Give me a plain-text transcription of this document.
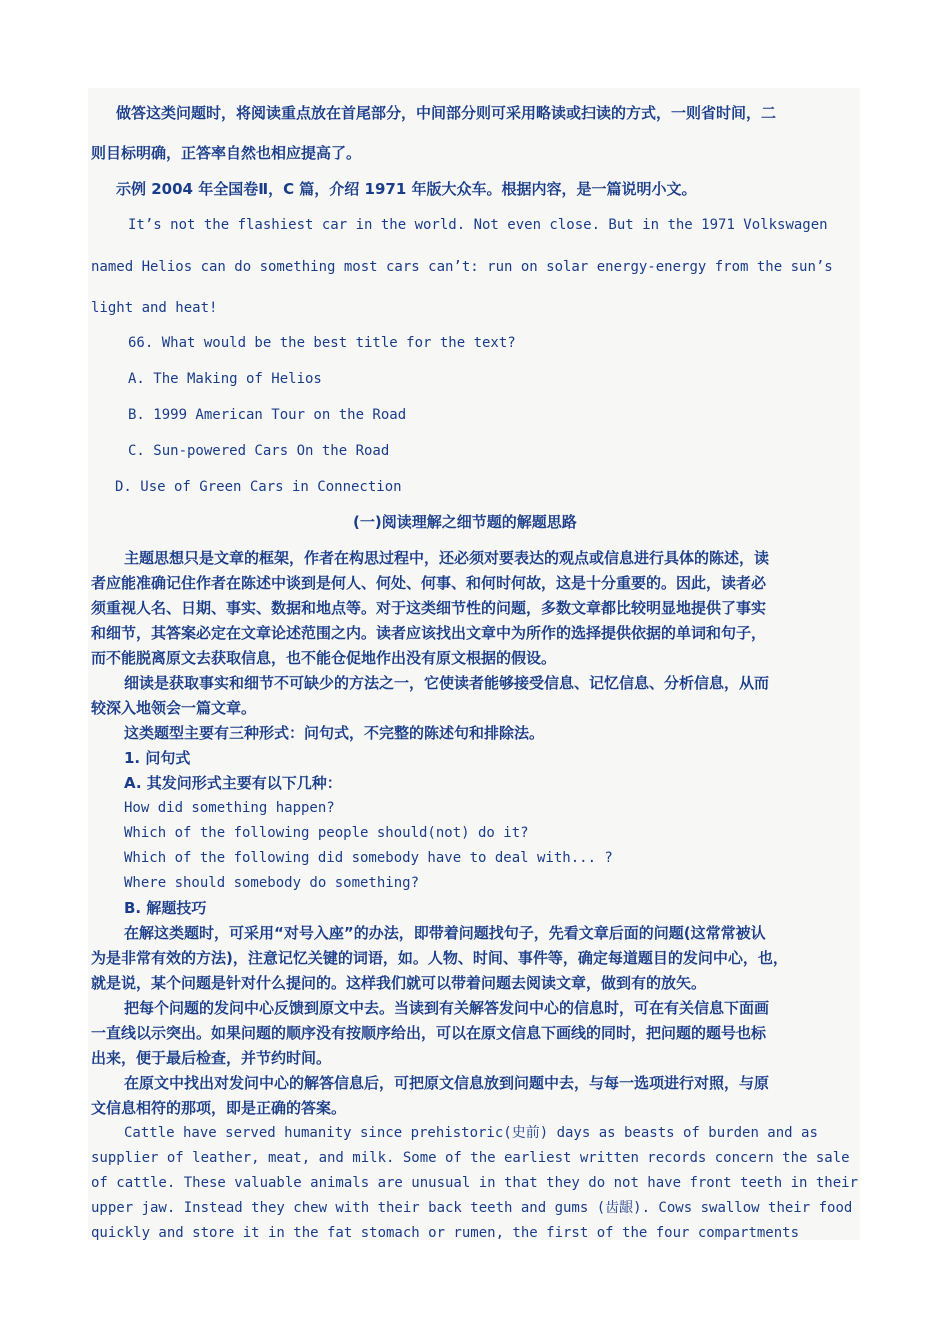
做答这类问题时，将阅读重点放在首尾部分，中间部分则可采用略读或扫读的方式，一则省时间，二
则目标明确，正答率自然也相应提高了。
示例 2004 年全国卷Ⅱ，C 篇，介绍 1971 年版大众车。根据内容，是一篇说明小文。
It’s not the flashiest car in the world. Not even close. But in the 1971 Volkswagen
named Helios can do something most cars can’t: run on solar energy-energy from the sun’s
light and heat!
66. What would be the best title for the text?
A. The Making of Helios
B. 1999 American Tour on the Road
C. Sun-powered Cars On the Road
D. Use of Green Cars in Connection
(一)阅读理解之细节题的解题思路
主题思想只是文章的框架，作者在构思过程中，还必须对要表达的观点或信息进行具体的陈述，读
者应能准确记住作者在陈述中谈到是何人、何处、何事、和何时何故，这是十分重要的。因此，读者必
须重视人名、日期、事实、数据和地点等。对于这类细节性的问题，多数文章都比较明显地提供了事实
和细节，其答案必定在文章论述范围之内。读者应该找出文章中为所作的选择提供依据的单词和句子，
而不能脱离原文去获取信息，也不能仓促地作出没有原文根据的假设。
细读是获取事实和细节不可缺少的方法之一，它使读者能够接受信息、记忆信息、分析信息，从而
较深入地领会一篇文章。
这类题型主要有三种形式：问句式，不完整的陈述句和排除法。
1. 问句式
A. 其发问形式主要有以下几种：
How did something happen?
Which of the following people should(not) do it?
Which of the following did somebody have to deal with... ?
Where should somebody do something?
B. 解题技巧
在解这类题时，可采用“对号入座”的办法，即带着问题找句子，先看文章后面的问题(这常常被认
为是非常有效的方法)，注意记忆关键的词语，如。人物、时间、事件等，确定每道题目的发问中心，也，
就是说，某个问题是针对什么提问的。这样我们就可以带着问题去阅读文章，做到有的放矢。
把每个问题的发问中心反馈到原文中去。当读到有关解答发问中心的信息时，可在有关信息下面画
一直线以示突出。如果问题的顺序没有按顺序给出，可以在原文信息下画线的同时，把问题的题号也标
出来，便于最后检查，并节约时间。
在原文中找出对发问中心的解答信息后，可把原文信息放到问题中去，与每一选项进行对照，与原
文信息相符的那项，即是正确的答案。
Cattle have served humanity since prehistoric(史前) days as beasts of burden and as
supplier of leather, meat, and milk. Some of the earliest written records concern the sale
of cattle. These valuable animals are unusual in that they do not have front teeth in their
upper jaw. Instead they chew with their back teeth and gums (齿龈). Cows swallow their food
quickly and store it in the fat stomach or rumen, the first of the four compartments
